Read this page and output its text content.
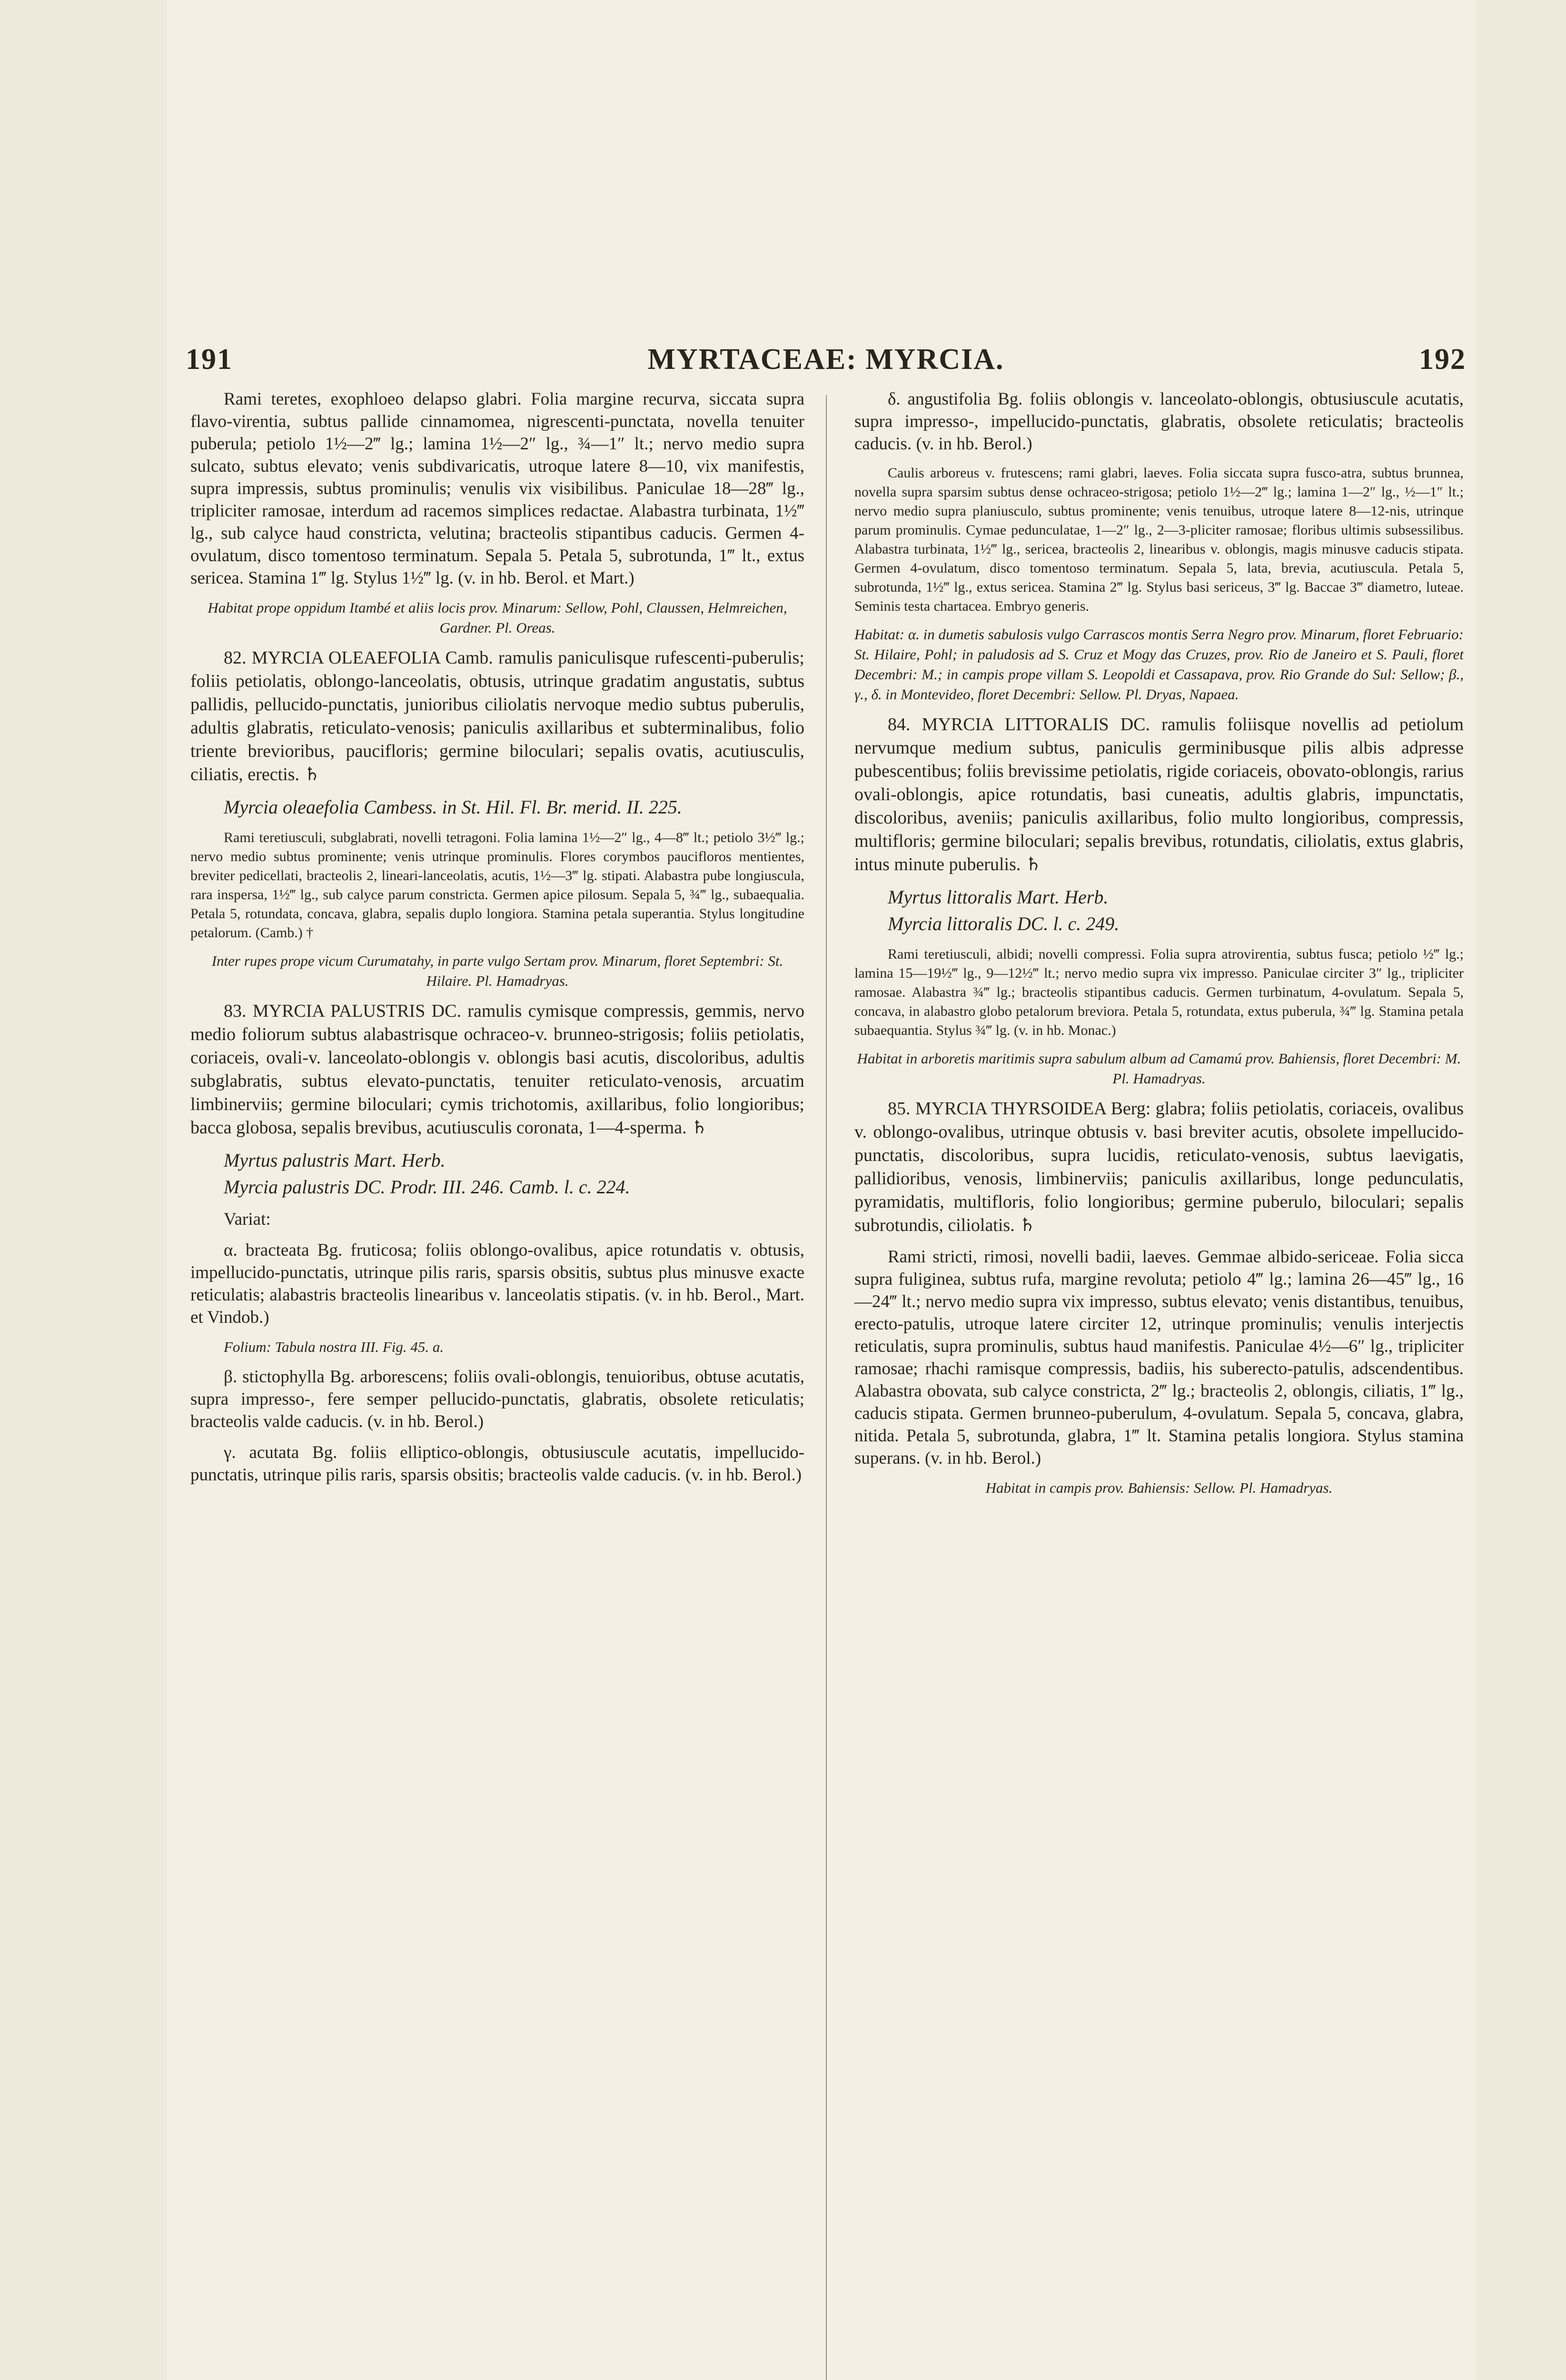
191	MYRTACEAE: MYRCIA.	192

Rami teretes, exophloeo delapso glabri. Folia margine recurva, siccata supra flavo-virentia, subtus pallide cinnamomea, nigrescenti-punctata, novella tenuiter puberula; petiolo 1½—2‴ lg.; lamina 1½—2″ lg., ¾—1″ lt.; nervo medio supra sulcato, subtus elevato; venis subdivaricatis, utroque latere 8—10, vix manifestis, supra impressis, subtus prominulis; venulis vix visibilibus. Paniculae 18—28‴ lg., tripliciter ramosae, interdum ad racemos simplices redactae. Alabastra turbinata, 1½‴ lg., sub calyce haud constricta, velutina; bracteolis stipantibus caducis. Germen 4-ovulatum, disco tomentoso terminatum. Sepala 5. Petala 5, subrotunda, 1‴ lt., extus sericea. Stamina 1‴ lg. Stylus 1½‴ lg. (v. in hb. Berol. et Mart.)

Habitat prope oppidum Itambé et aliis locis prov. Minarum: Sellow, Pohl, Claussen, Helmreichen, Gardner. Pl. Oreas.

82. MYRCIA OLEAEFOLIA Camb. ramulis paniculisque rufescenti-puberulis; foliis petiolatis, oblongo-lanceolatis, obtusis, utrinque gradatim angustatis, subtus pallidis, pellucido-punctatis, junioribus ciliolatis nervoque medio subtus puberulis, adultis glabratis, reticulato-venosis; paniculis axillaribus et subterminalibus, folio triente brevioribus, paucifloris; germine biloculari; sepalis ovatis, acutiusculis, ciliatis, erectis. ♄

Myrcia oleaefolia Cambess. in St. Hil. Fl. Br. merid. II. 225.

Rami teretiusculi, subglabrati, novelli tetragoni. Folia lamina 1½—2″ lg., 4—8‴ lt.; petiolo 3½‴ lg.; nervo medio subtus prominente; venis utrinque prominulis. Flores corymbos paucifloros mentientes, breviter pedicellati, bracteolis 2, lineari-lanceolatis, acutis, 1½—3‴ lg. stipati. Alabastra pube longiuscula, rara inspersa, 1½‴ lg., sub calyce parum constricta. Germen apice pilosum. Sepala 5, ¾‴ lg., subaequalia. Petala 5, rotundata, concava, glabra, sepalis duplo longiora. Stamina petala superantia. Stylus longitudine petalorum. (Camb.) †

Inter rupes prope vicum Curumatahy, in parte vulgo Sertam prov. Minarum, floret Septembri: St. Hilaire. Pl. Hamadryas.

83. MYRCIA PALUSTRIS DC. ramulis cymisque compressis, gemmis, nervo medio foliorum subtus alabastrisque ochraceo-v. brunneo-strigosis; foliis petiolatis, coriaceis, ovali-v. lanceolato-oblongis v. oblongis basi acutis, discoloribus, adultis subglabratis, subtus elevato-punctatis, tenuiter reticulato-venosis, arcuatim limbinerviis; germine biloculari; cymis trichotomis, axillaribus, folio longioribus; bacca globosa, sepalis brevibus, acutiusculis coronata, 1—4-sperma. ♄

Myrtus palustris Mart. Herb.

Myrcia palustris DC. Prodr. III. 246. Camb. l. c. 224.

Variat:

α. bracteata Bg. fruticosa; foliis oblongo-ovalibus, apice rotundatis v. obtusis, impellucido-punctatis, utrinque pilis raris, sparsis obsitis, subtus plus minusve exacte reticulatis; alabastris bracteolis linearibus v. lanceolatis stipatis. (v. in hb. Berol., Mart. et Vindob.)

Folium: Tabula nostra III. Fig. 45. a.

β. stictophylla Bg. arborescens; foliis ovali-oblongis, tenuioribus, obtuse acutatis, supra impresso-, fere semper pellucido-punctatis, glabratis, obsolete reticulatis; bracteolis valde caducis. (v. in hb. Berol.)

γ. acutata Bg. foliis elliptico-oblongis, obtusiuscule acutatis, impellucido-punctatis, utrinque pilis raris, sparsis obsitis; bracteolis valde caducis. (v. in hb. Berol.)

δ. angustifolia Bg. foliis oblongis v. lanceolato-oblongis, obtusiuscule acutatis, supra impresso-, impellucido-punctatis, glabratis, obsolete reticulatis; bracteolis caducis. (v. in hb. Berol.)

Caulis arboreus v. frutescens; rami glabri, laeves. Folia siccata supra fusco-atra, subtus brunnea, novella supra sparsim subtus dense ochraceo-strigosa; petiolo 1½—2‴ lg.; lamina 1—2″ lg., ½—1″ lt.; nervo medio supra planiusculo, subtus prominente; venis tenuibus, utroque latere 8—12-nis, utrinque parum prominulis. Cymae pedunculatae, 1—2″ lg., 2—3-pliciter ramosae; floribus ultimis subsessilibus. Alabastra turbinata, 1½‴ lg., sericea, bracteolis 2, linearibus v. oblongis, magis minusve caducis stipata. Germen 4-ovulatum, disco tomentoso terminatum. Sepala 5, lata, brevia, acutiuscula. Petala 5, subrotunda, 1½‴ lg., extus sericea. Stamina 2‴ lg. Stylus basi sericeus, 3‴ lg. Baccae 3‴ diametro, luteae. Seminis testa chartacea. Embryo generis.

Habitat: α. in dumetis sabulosis vulgo Carrascos montis Serra Negro prov. Minarum, floret Februario: St. Hilaire, Pohl; in paludosis ad S. Cruz et Mogy das Cruzes, prov. Rio de Janeiro et S. Pauli, floret Decembri: M.; in campis prope villam S. Leopoldi et Cassapava, prov. Rio Grande do Sul: Sellow; β., γ., δ. in Montevideo, floret Decembri: Sellow. Pl. Dryas, Napaea.

84. MYRCIA LITTORALIS DC. ramulis foliisque novellis ad petiolum nervumque medium subtus, paniculis germinibusque pilis albis adpresse pubescentibus; foliis brevissime petiolatis, rigide coriaceis, obovato-oblongis, rarius ovali-oblongis, apice rotundatis, basi cuneatis, adultis glabris, impunctatis, discoloribus, aveniis; paniculis axillaribus, folio multo longioribus, compressis, multifloris; germine biloculari; sepalis brevibus, rotundatis, ciliolatis, extus glabris, intus minute puberulis. ♄

Myrtus littoralis Mart. Herb.

Myrcia littoralis DC. l. c. 249.

Rami teretiusculi, albidi; novelli compressi. Folia supra atrovirentia, subtus fusca; petiolo ½‴ lg.; lamina 15—19½‴ lg., 9—12½‴ lt.; nervo medio supra vix impresso. Paniculae circiter 3″ lg., tripliciter ramosae. Alabastra ¾‴ lg.; bracteolis stipantibus caducis. Germen turbinatum, 4-ovulatum. Sepala 5, concava, in alabastro globo petalorum breviora. Petala 5, rotundata, extus puberula, ¾‴ lg. Stamina petala subaequantia. Stylus ¾‴ lg. (v. in hb. Monac.)

Habitat in arboretis maritimis supra sabulum album ad Camamú prov. Bahiensis, floret Decembri: M. Pl. Hamadryas.

85. MYRCIA THYRSOIDEA Berg: glabra; foliis petiolatis, coriaceis, ovalibus v. oblongo-ovalibus, utrinque obtusis v. basi breviter acutis, obsolete impellucido-punctatis, discoloribus, supra lucidis, reticulato-venosis, subtus laevigatis, pallidioribus, venosis, limbinerviis; paniculis axillaribus, longe pedunculatis, pyramidatis, multifloris, folio longioribus; germine puberulo, biloculari; sepalis subrotundis, ciliolatis. ♄

Rami stricti, rimosi, novelli badii, laeves. Gemmae albido-sericeae. Folia sicca supra fuliginea, subtus rufa, margine revoluta; petiolo 4‴ lg.; lamina 26—45‴ lg., 16—24‴ lt.; nervo medio supra vix impresso, subtus elevato; venis distantibus, tenuibus, erecto-patulis, utroque latere circiter 12, utrinque prominulis; venulis interjectis reticulatis, supra prominulis, subtus haud manifestis. Paniculae 4½—6″ lg., tripliciter ramosae; rhachi ramisque compressis, badiis, his suberecto-patulis, adscendentibus. Alabastra obovata, sub calyce constricta, 2‴ lg.; bracteolis 2, oblongis, ciliatis, 1‴ lg., caducis stipata. Germen brunneo-puberulum, 4-ovulatum. Sepala 5, concava, glabra, nitida. Petala 5, subrotunda, glabra, 1‴ lt. Stamina petalis longiora. Stylus stamina superans. (v. in hb. Berol.)

Habitat in campis prov. Bahiensis: Sellow. Pl. Hamadryas.
